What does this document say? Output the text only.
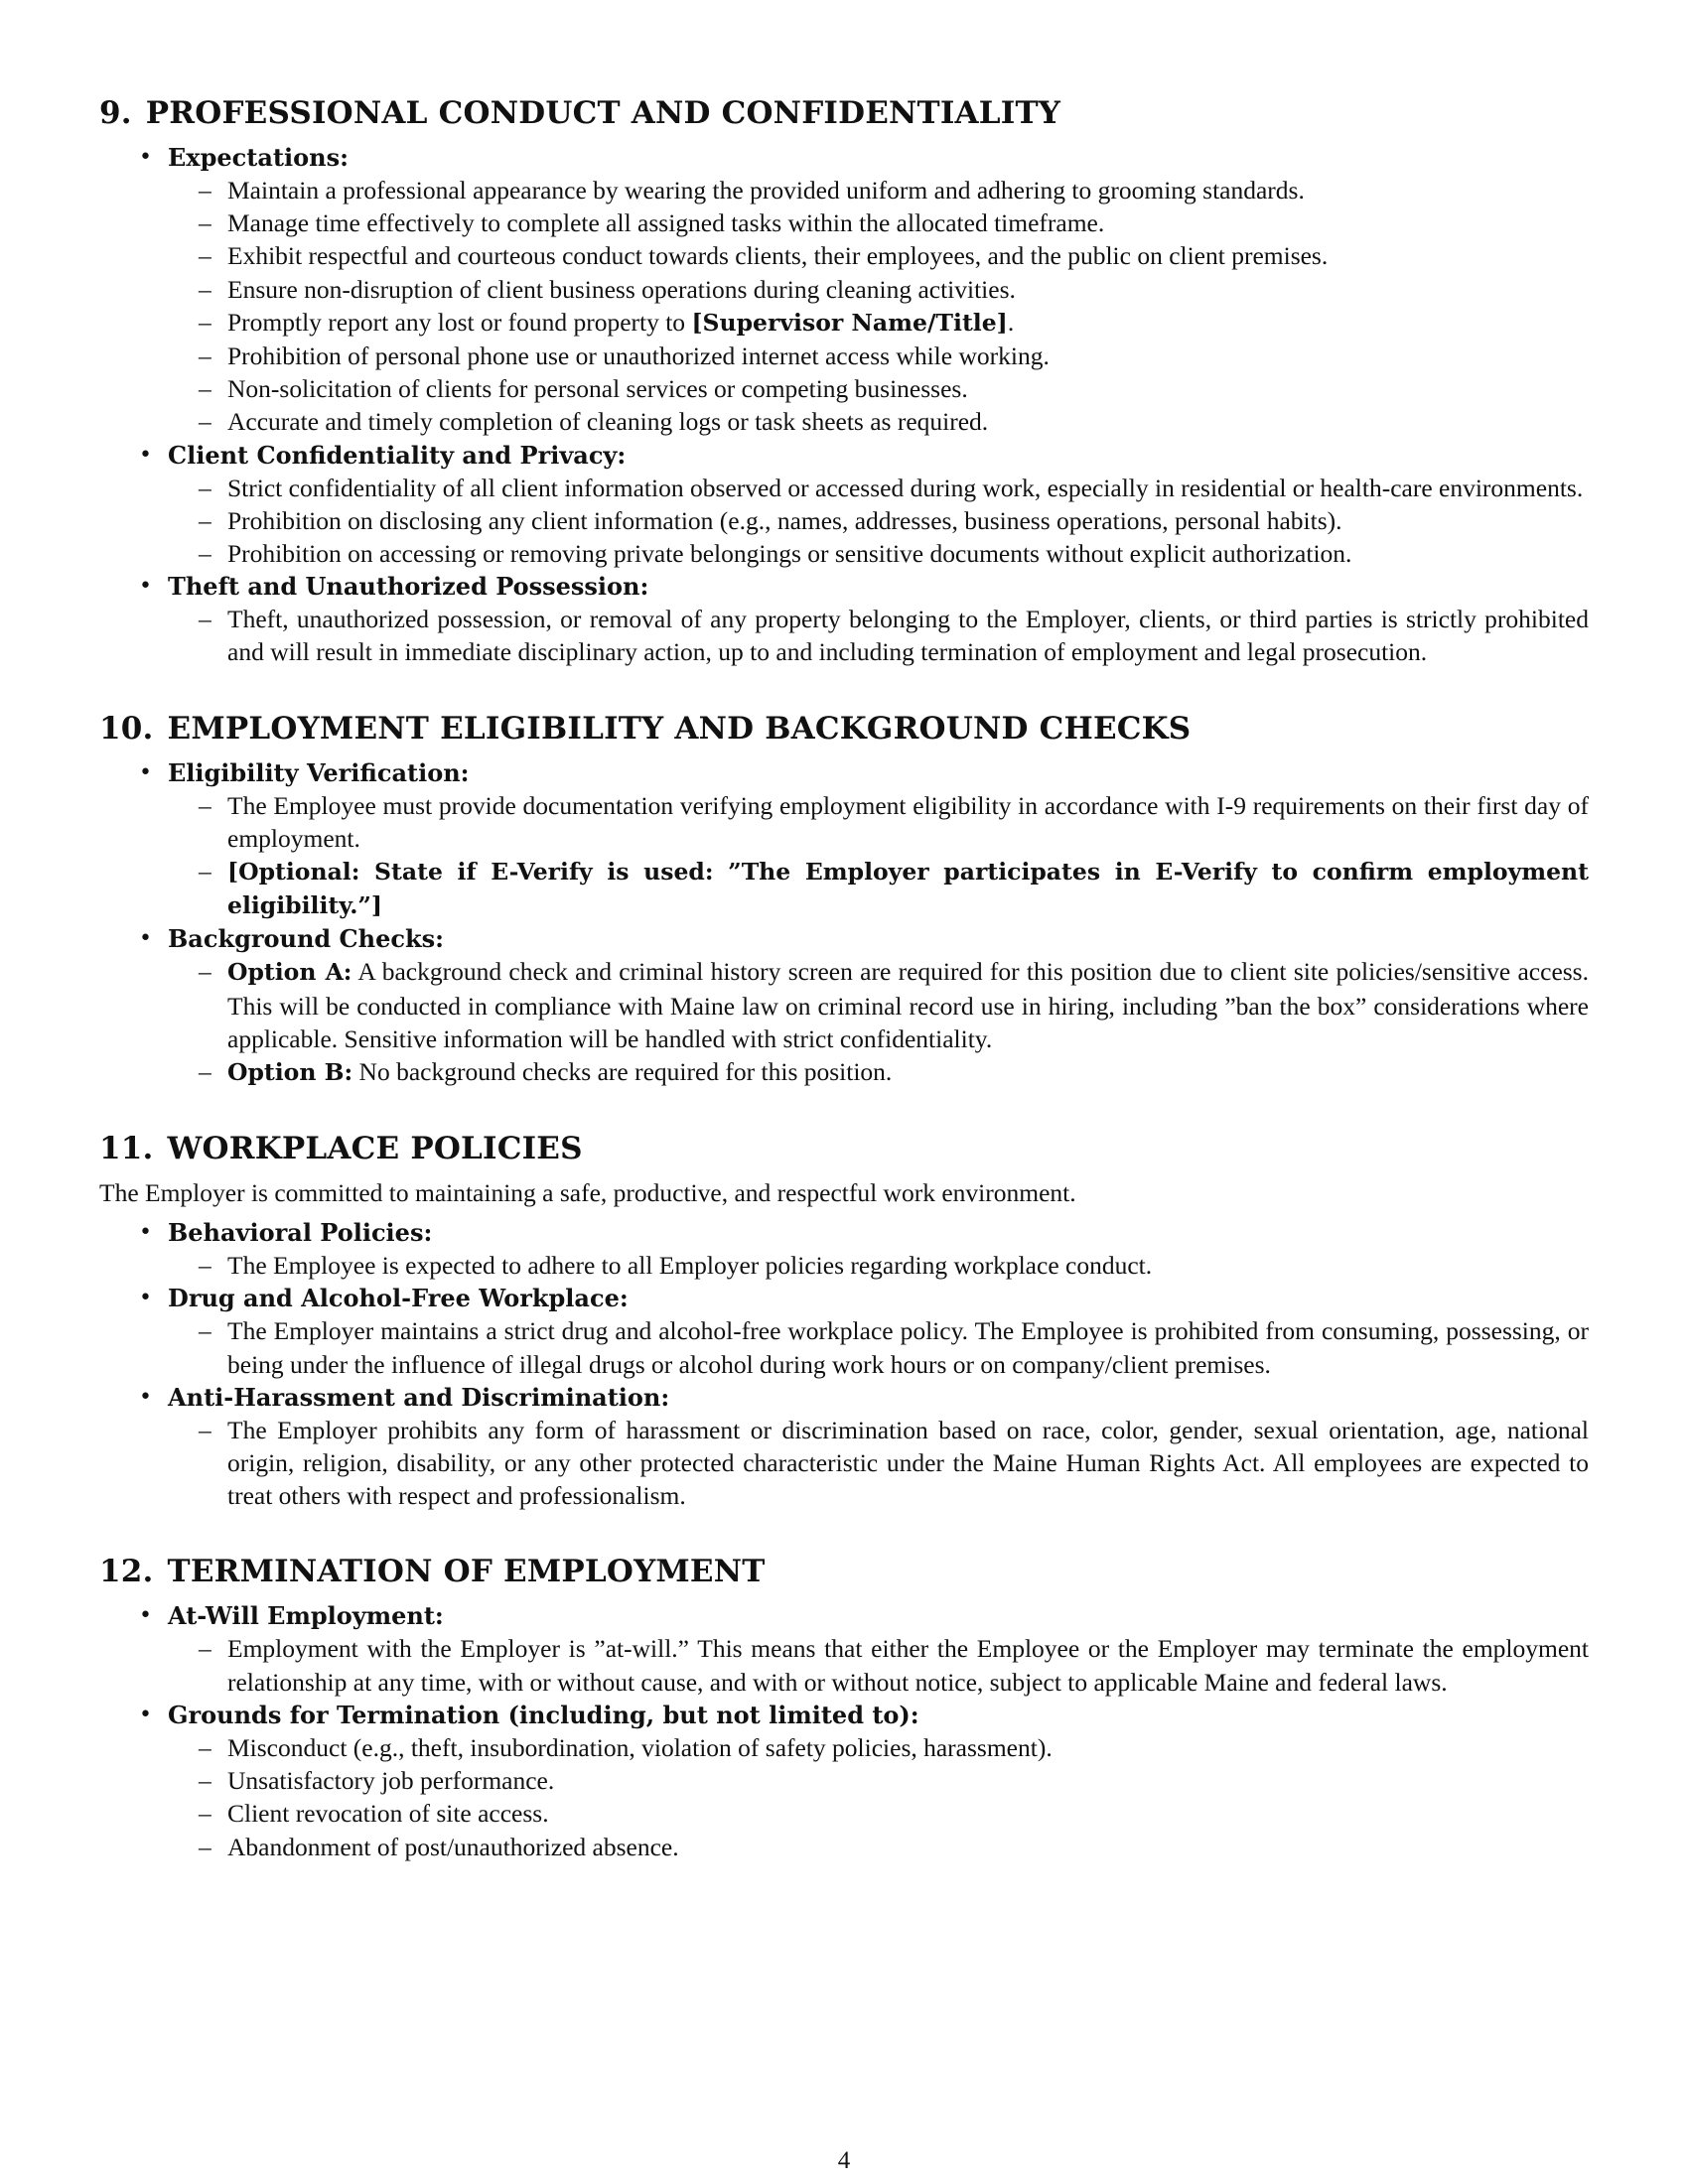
9. PROFESSIONAL CONDUCT AND CONFIDENTIALITY
• Expectations:
– Maintain a professional appearance by wearing the provided uniform and adhering to grooming standards.
– Manage time effectively to complete all assigned tasks within the allocated timeframe.
– Exhibit respectful and courteous conduct towards clients, their employees, and the public on client premises.
– Ensure non-disruption of client business operations during cleaning activities.
– Promptly report any lost or found property to [Supervisor Name/Title].
– Prohibition of personal phone use or unauthorized internet access while working.
– Non-solicitation of clients for personal services or competing businesses.
– Accurate and timely completion of cleaning logs or task sheets as required.
• Client Confidentiality and Privacy:
– Strict confidentiality of all client information observed or accessed during work, especially in residential or health-care environments.
– Prohibition on disclosing any client information (e.g., names, addresses, business operations, personal habits).
– Prohibition on accessing or removing private belongings or sensitive documents without explicit authorization.
• Theft and Unauthorized Possession:
– Theft, unauthorized possession, or removal of any property belonging to the Employer, clients, or third parties is strictly prohibited and will result in immediate disciplinary action, up to and including termination of employment and legal prosecution.
10. EMPLOYMENT ELIGIBILITY AND BACKGROUND CHECKS
• Eligibility Verification:
– The Employee must provide documentation verifying employment eligibility in accordance with I-9 requirements on their first day of employment.
– [Optional: State if E-Verify is used: ”The Employer participates in E-Verify to confirm employment eligibility.”]
• Background Checks:
– Option A: A background check and criminal history screen are required for this position due to client site policies/sensitive access. This will be conducted in compliance with Maine law on criminal record use in hiring, including ”ban the box” considerations where applicable. Sensitive information will be handled with strict confidentiality.
– Option B: No background checks are required for this position.
11. WORKPLACE POLICIES

The Employer is committed to maintaining a safe, productive, and respectful work environment.

• Behavioral Policies:
– The Employee is expected to adhere to all Employer policies regarding workplace conduct.
• Drug and Alcohol-Free Workplace:
– The Employer maintains a strict drug and alcohol-free workplace policy. The Employee is prohibited from consuming, possessing, or being under the influence of illegal drugs or alcohol during work hours or on company/client premises.
• Anti-Harassment and Discrimination:
– The Employer prohibits any form of harassment or discrimination based on race, color, gender, sexual orientation, age, national origin, religion, disability, or any other protected characteristic under the Maine Human Rights Act. All employees are expected to treat others with respect and professionalism.
12. TERMINATION OF EMPLOYMENT
• At-Will Employment:
– Employment with the Employer is ”at-will.” This means that either the Employee or the Employer may terminate the employment relationship at any time, with or without cause, and with or without notice, subject to applicable Maine and federal laws.
• Grounds for Termination (including, but not limited to):
– Misconduct (e.g., theft, insubordination, violation of safety policies, harassment).
– Unsatisfactory job performance.
– Client revocation of site access.
– Abandonment of post/unauthorized absence.
4
